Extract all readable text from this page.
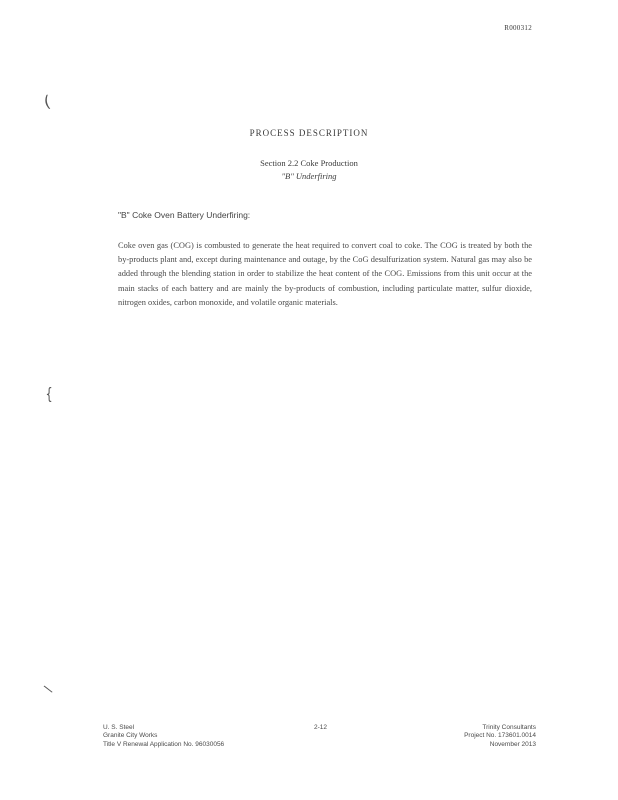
R000312
(
{
\
PROCESS DESCRIPTION
Section 2.2 Coke Production
"B" Underfiring
"B" Coke Oven Battery Underfiring:
Coke oven gas (COG) is combusted to generate the heat required to convert coal to coke. The COG is treated by both the by-products plant and, except during maintenance and outage, by the CoG desulfurization system. Natural gas may also be added through the blending station in order to stabilize the heat content of the COG. Emissions from this unit occur at the main stacks of each battery and are mainly the by-products of combustion, including particulate matter, sulfur dioxide, nitrogen oxides, carbon monoxide, and volatile organic materials.
U. S. Steel
Granite City Works
Title V Renewal Application No. 96030056
2-12	Trinity Consultants
Project No. 173601.0014
November 2013
